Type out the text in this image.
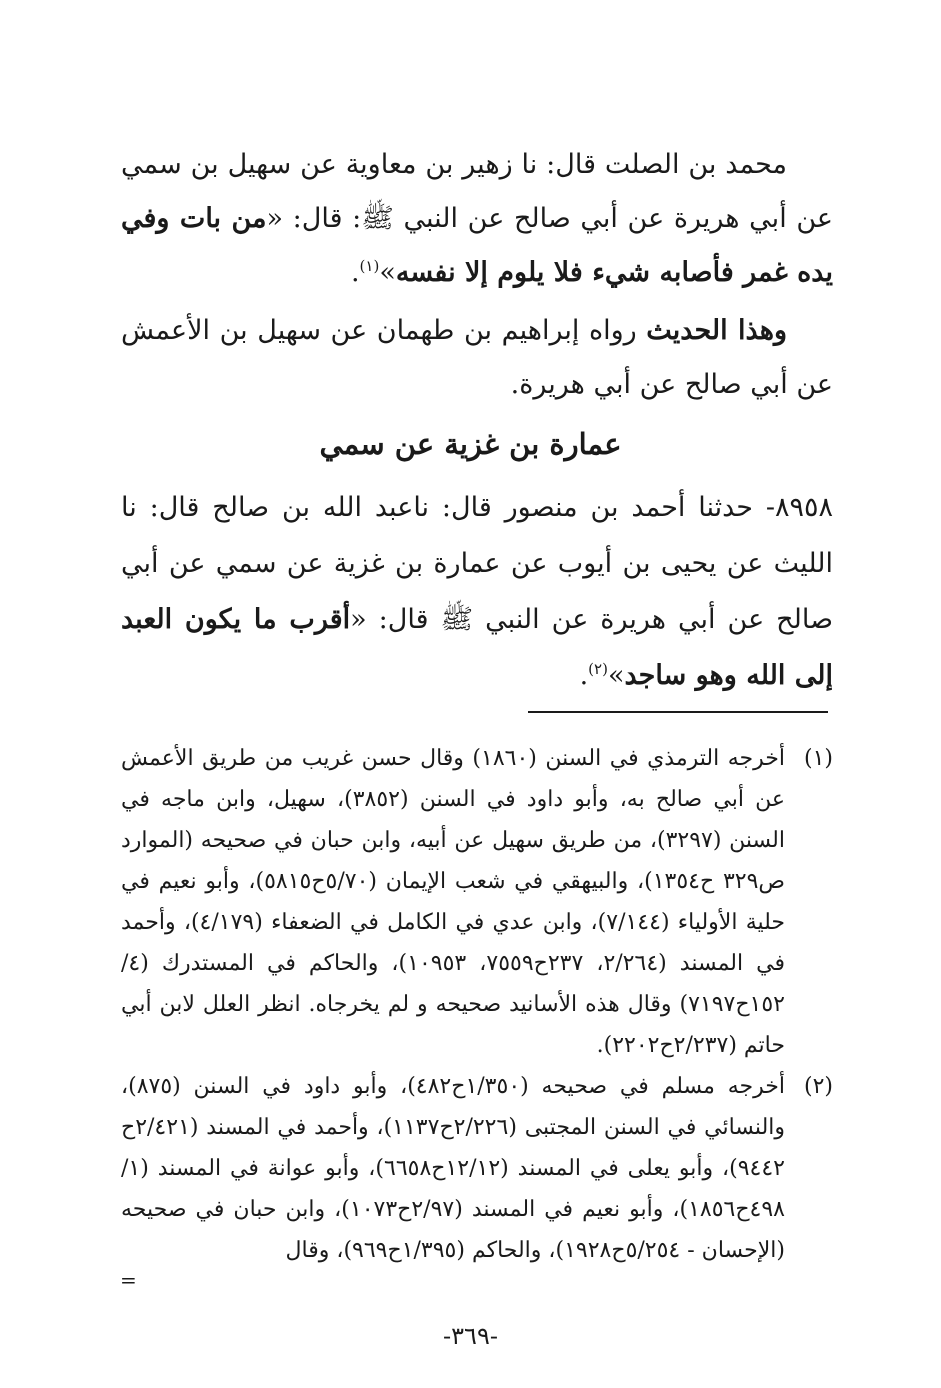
محمد بن الصلت قال: نا زهير بن معاوية عن سهيل بن سمي عن أبي هريرة عن أبي صالح عن النبي ﷺ: قال: «من بات وفي يده غمر فأصابه شيء فلا يلوم إلا نفسه»$^{(١)}$.

وهذا الحديث رواه إبراهيم بن طهمان عن سهيل بن الأعمش عن أبي صالح عن أبي هريرة.

عمارة بن غزية عن سمي

٨٩٥٨- حدثنا أحمد بن منصور قال: ناعبد الله بن صالح قال: نا الليث عن يحيى بن أيوب عن عمارة بن غزية عن سمي عن أبي صالح عن أبي هريرة عن النبي ﷺ قال: «أقرب ما يكون العبد إلى الله وهو ساجد»$^{(٢)}$.

(١)أخرجه الترمذي في السنن (١٨٦٠) وقال حسن غريب من طريق الأعمش عن أبي صالح به، وأبو داود في السنن (٣٨٥٢)، سهيل، وابن ماجه في السنن (٣٢٩٧)، من طريق سهيل عن أبيه، وابن حبان في صحيحه (الموارد ص٣٢٩ ح١٣٥٤)، والبيهقي في شعب الإيمان (٥/٧٠ح٥٨١٥)، وأبو نعيم في حلية الأولياء (٧/١٤٤)، وابن عدي في الكامل في الضعفاء (٤/١٧٩)، وأحمد في المسند (٢/٢٦٤، ٢٣٧ح٧٥٥٩، ١٠٩٥٣)، والحاكم في المستدرك (٤/ ١٥٢ح٧١٩٧) وقال هذه الأسانيد صحيحه و لم يخرجاه. انظر العلل لابن أبي حاتم (٢/٢٣٧ح٢٢٠٢).

(٢)أخرجه مسلم في صحيحه (١/٣٥٠ح٤٨٢)، وأبو داود في السنن (٨٧٥)، والنسائي في السنن المجتبى (٢/٢٢٦ح١١٣٧)، وأحمد في المسند (٢/٤٢١ح ٩٤٤٢)، وأبو يعلى في المسند (١٢/١٢ح٦٦٥٨)، وأبو عوانة في المسند (١/ ٤٩٨ح١٨٥٦)، وأبو نعيم في المسند (٢/٩٧ح١٠٧٣)، وابن حبان في صحيحه (الإحسان - ٥/٢٥٤ح١٩٢٨)، والحاكم (١/٣٩٥ح٩٦٩)، وقال

=
-٣٦٩-
